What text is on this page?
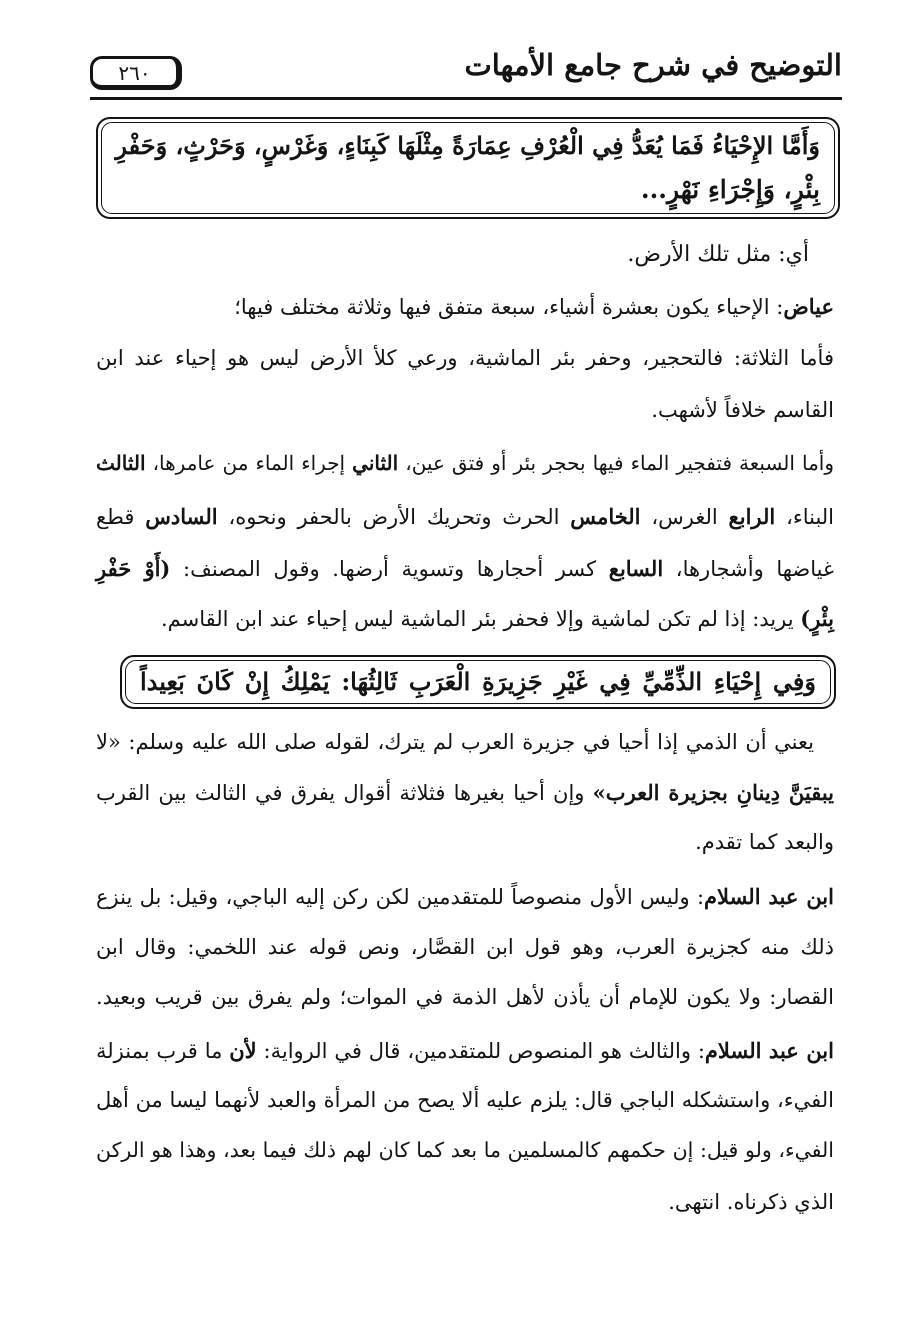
التوضيح في شرح جامع الأمهات
٢٦٠
وَأَمَّا الإِحْيَاءُ فَمَا يُعَدُّ فِي الْعُرْفِ عِمَارَةً مِثْلَهَا كَبِنَاءٍ، وَغَرْسٍ، وَحَرْثٍ، وَحَفْرِ
بِئْرٍ، وَإِجْرَاءِ نَهْرٍ...
أي: مثل تلك الأرض.
عياض: الإحياء يكون بعشرة أشياء، سبعة متفق فيها وثلاثة مختلف فيها؛
فأما الثلاثة: فالتحجير، وحفر بئر الماشية، ورعي كلأ الأرض ليس هو إحياء عند ابن
القاسم خلافاً لأشهب.
وأما السبعة فتفجير الماء فيها بحجر بئر أو فتق عين، الثاني إجراء الماء من عامرها، الثالث
البناء، الرابع الغرس، الخامس الحرث وتحريك الأرض بالحفر ونحوه، السادس قطع
غياضها وأشجارها، السابع كسر أحجارها وتسوية أرضها. وقول المصنف: (أَوْ حَفْرِ
بِئْرٍ) يريد: إذا لم تكن لماشية وإلا فحفر بئر الماشية ليس إحياء عند ابن القاسم.
وَفِي إِحْيَاءِ الذِّمِّيِّ فِي غَيْرِ جَزِيرَةِ الْعَرَبِ ثَالِثُهَا: يَمْلِكُ إِنْ كَانَ بَعِيداً
يعني أن الذمي إذا أحيا في جزيرة العرب لم يترك، لقوله صلى الله عليه وسلم: «لا
يبقيَنَّ دِينانِ بجزيرة العرب» وإن أحيا بغيرها فثلاثة أقوال يفرق في الثالث بين القرب
والبعد كما تقدم.
ابن عبد السلام: وليس الأول منصوصاً للمتقدمين لكن ركن إليه الباجي، وقيل: بل ينزع
ذلك منه كجزيرة العرب، وهو قول ابن القصَّار، ونص قوله عند اللخمي: وقال ابن
القصار: ولا يكون للإمام أن يأذن لأهل الذمة في الموات؛ ولم يفرق بين قريب وبعيد.
ابن عبد السلام: والثالث هو المنصوص للمتقدمين، قال في الرواية: لأن ما قرب بمنزلة
الفيء، واستشكله الباجي قال: يلزم عليه ألا يصح من المرأة والعبد لأنهما ليسا من أهل
الفيء، ولو قيل: إن حكمهم كالمسلمين ما بعد كما كان لهم ذلك فيما بعد، وهذا هو الركن
الذي ذكرناه. انتهى.
